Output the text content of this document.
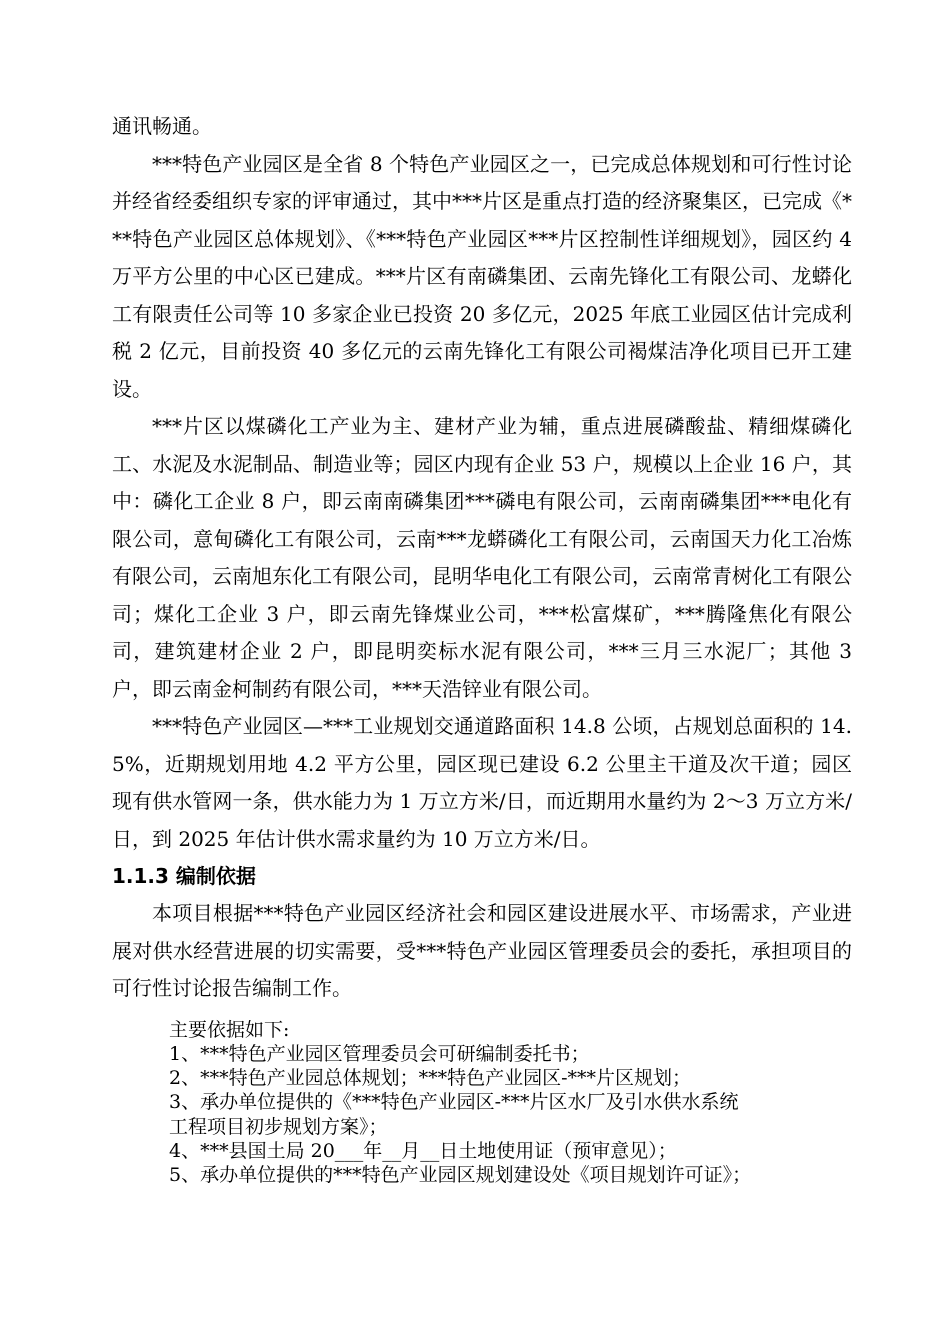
通讯畅通。

***特色产业园区是全省 8 个特色产业园区之一，已完成总体规划和可行性讨论并经省经委组织专家的评审通过，其中***片区是重点打造的经济聚集区，已完成《***特色产业园区总体规划》、《***特色产业园区***片区控制性详细规划》，园区约 4 万平方公里的中心区已建成。***片区有南磷集团、云南先锋化工有限公司、龙蟒化工有限责任公司等 10 多家企业已投资 20 多亿元，2025 年底工业园区估计完成利税 2 亿元，目前投资 40 多亿元的云南先锋化工有限公司褐煤洁净化项目已开工建设。

***片区以煤磷化工产业为主、建材产业为辅，重点进展磷酸盐、精细煤磷化工、水泥及水泥制品、制造业等；园区内现有企业 53 户，规模以上企业 16 户，其中：磷化工企业 8 户，即云南南磷集团***磷电有限公司，云南南磷集团***电化有限公司，意甸磷化工有限公司，云南***龙蟒磷化工有限公司，云南国天力化工冶炼有限公司，云南旭东化工有限公司，昆明华电化工有限公司，云南常青树化工有限公司；煤化工企业 3 户，即云南先锋煤业公司，***松富煤矿，***腾隆焦化有限公司，建筑建材企业 2 户，即昆明奕标水泥有限公司，***三月三水泥厂；其他 3 户，即云南金柯制药有限公司，***天浩锌业有限公司。

***特色产业园区—***工业规划交通道路面积 14.8 公顷，占规划总面积的 14.5%，近期规划用地 4.2 平方公里，园区现已建设 6.2 公里主干道及次干道；园区现有供水管网一条，供水能力为 1 万立方米/日，而近期用水量约为 2～3 万立方米/日，到 2025 年估计供水需求量约为 10 万立方米/日。

1.1.3 编制依据

本项目根据***特色产业园区经济社会和园区建设进展水平、市场需求，产业进展对供水经营进展的切实需要，受***特色产业园区管理委员会的委托，承担项目的可行性讨论报告编制工作。

主要依据如下:

1、***特色产业园区管理委员会可研编制委托书；

2、***特色产业园总体规划；***特色产业园区-***片区规划；

3、承办单位提供的《***特色产业园区-***片区水厂及引水供水系统

工程项目初步规划方案》；

4、***县国土局 20___年__月__日土地使用证（预审意见）；

5、承办单位提供的***特色产业园区规划建设处《项目规划许可证》；
